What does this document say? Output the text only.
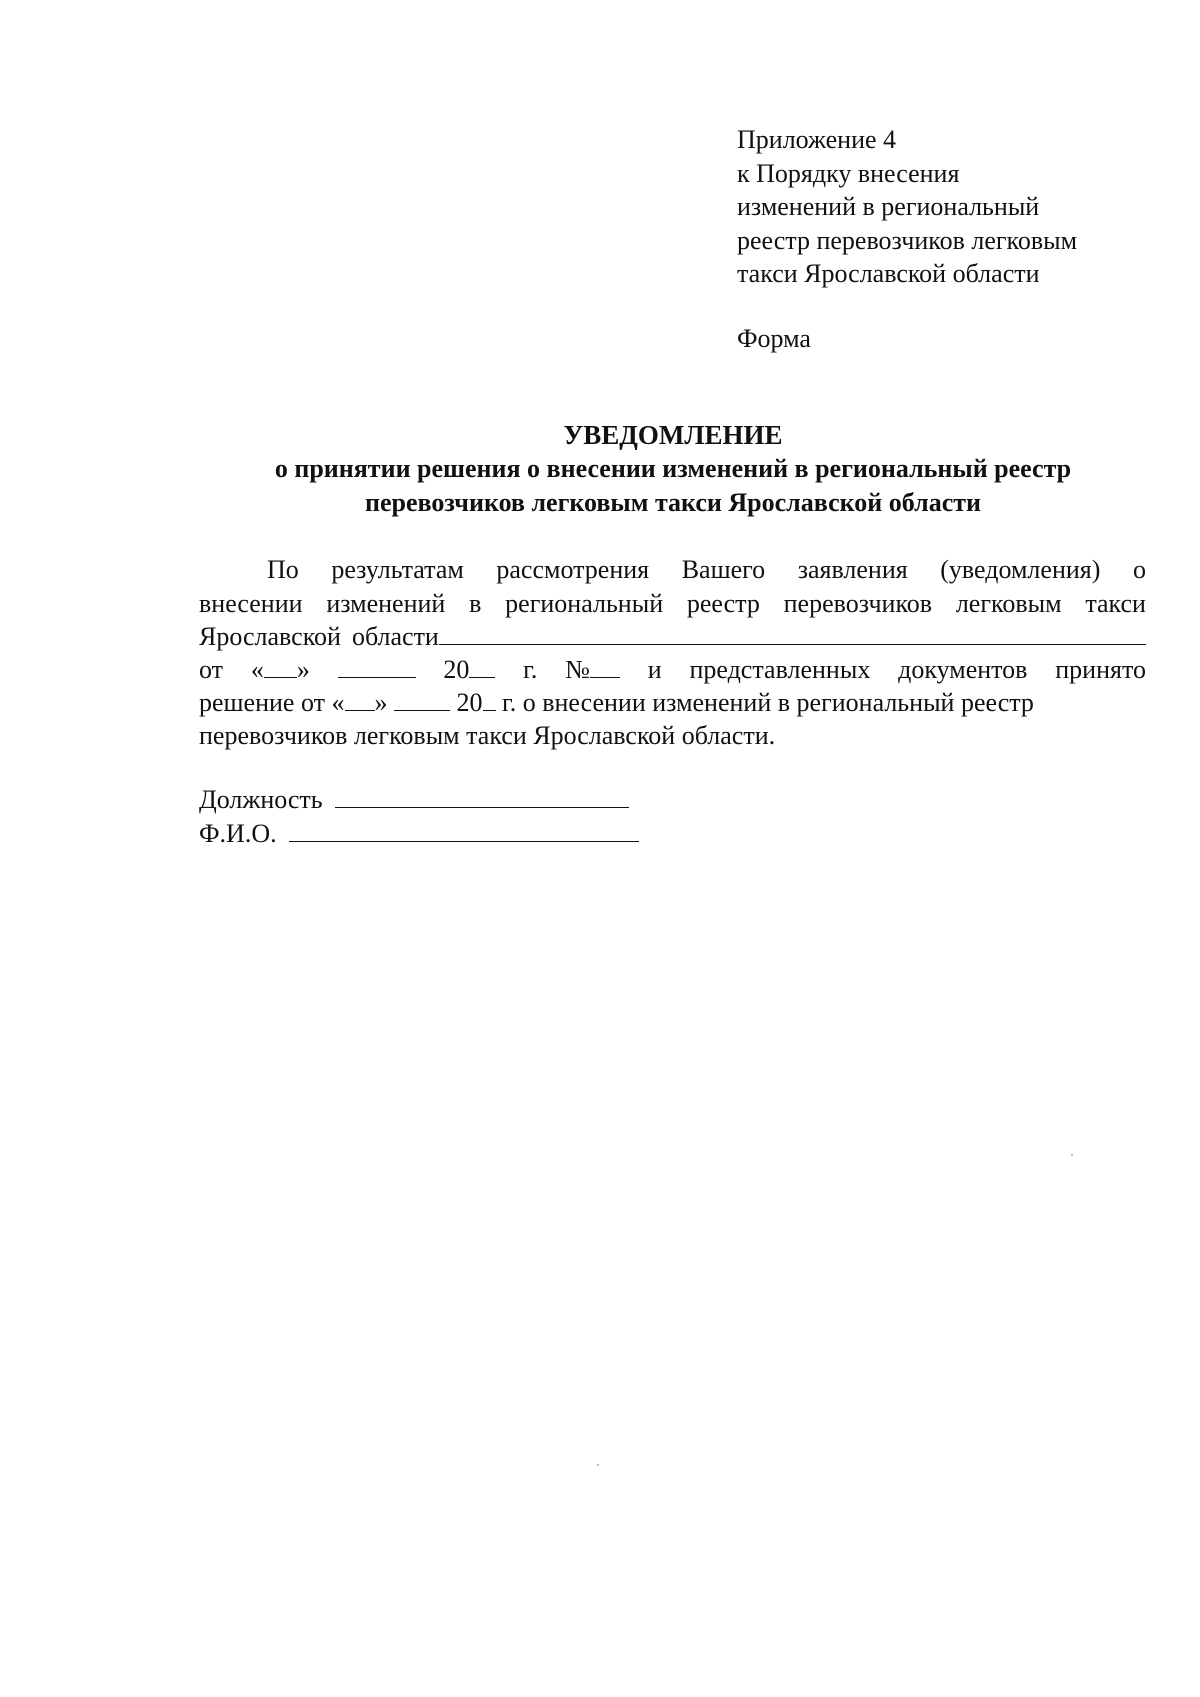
Приложение 4
к Порядку внесения
изменений в региональный
реестр перевозчиков легковым
такси Ярославской области
Форма
УВЕДОМЛЕНИЕ
о принятии решения о внесении изменений в региональный реестр
перевозчиков легковым такси Ярославской области
По результатам рассмотрения Вашего заявления (уведомления) о
внесении изменений в региональный реестр перевозчиков легковым такси
Ярославской области
от « »	20	г. №	и представленных документов принято
решение от « »	20 г. о внесении изменений в региональный реестр
перевозчиков легковым такси Ярославской области.
Должность
Ф.И.О.
